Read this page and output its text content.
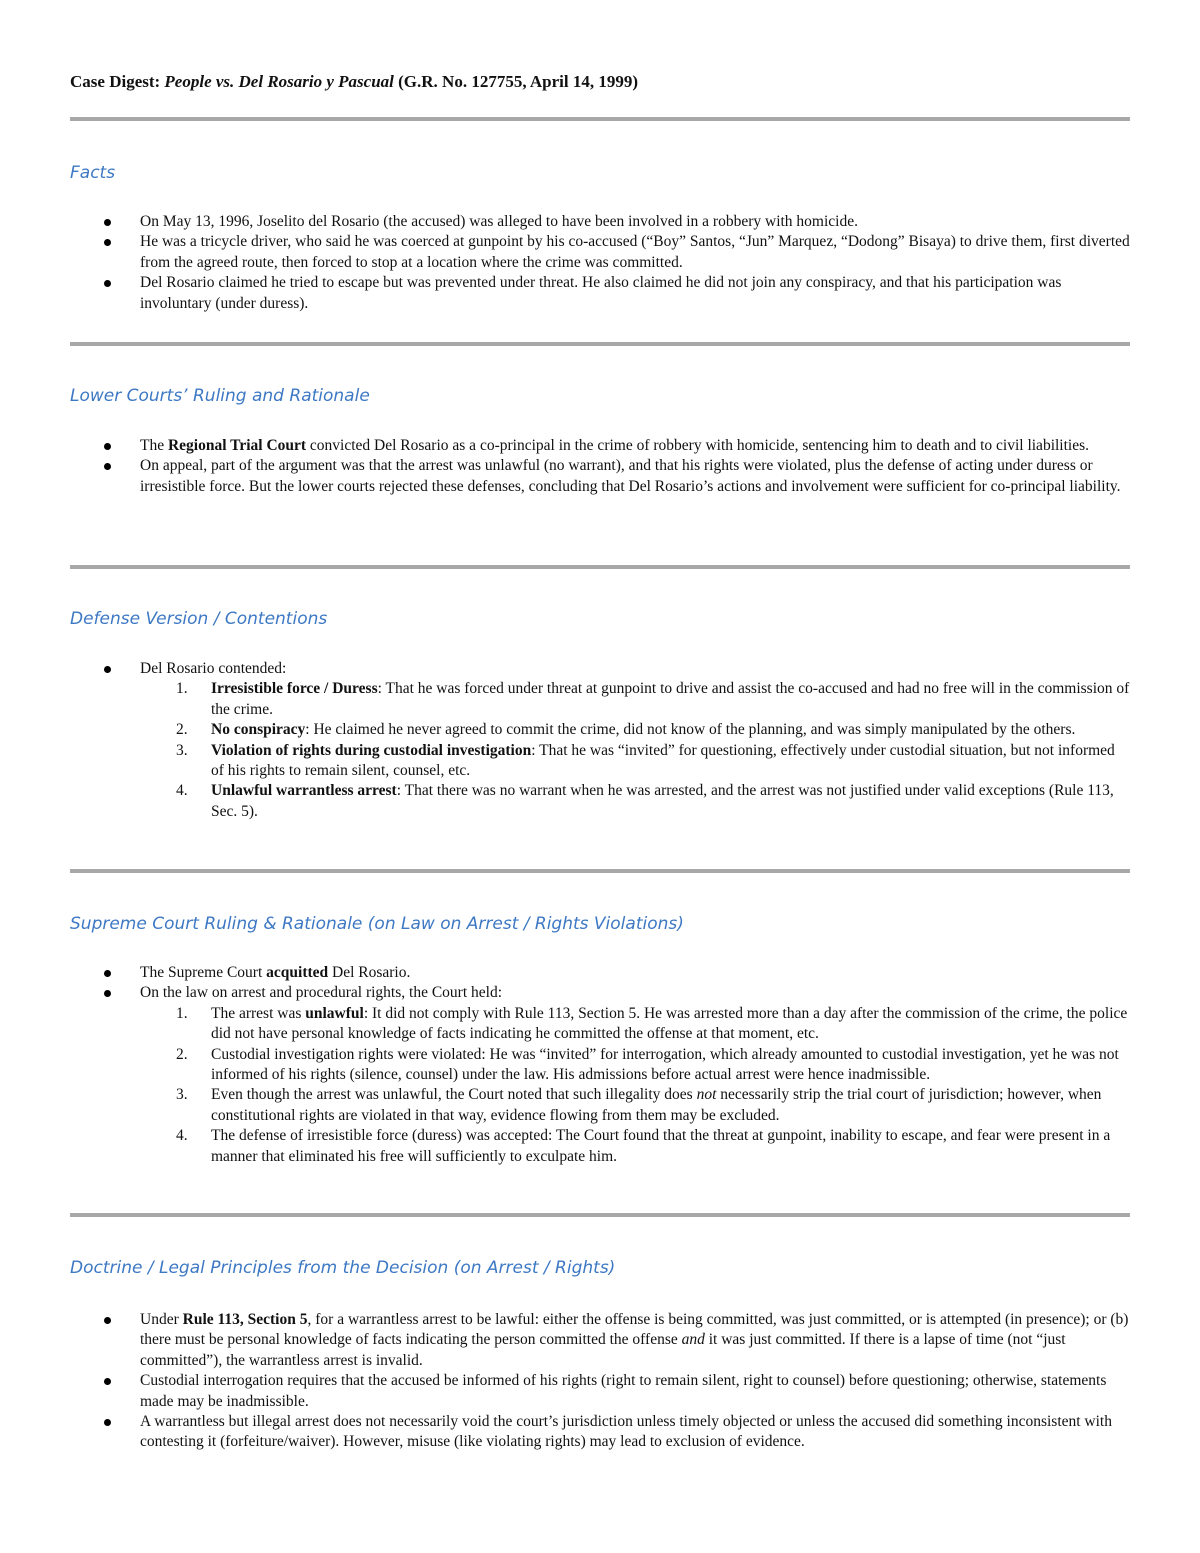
Case Digest: People vs. Del Rosario y Pascual (G.R. No. 127755, April 14, 1999)
Facts
On May 13, 1996, Joselito del Rosario (the accused) was alleged to have been involved in a robbery with homicide.
He was a tricycle driver, who said he was coerced at gunpoint by his co-accused (“Boy” Santos, “Jun” Marquez, “Dodong” Bisaya) to drive them, first diverted from the agreed route, then forced to stop at a location where the crime was committed.
Del Rosario claimed he tried to escape but was prevented under threat. He also claimed he did not join any conspiracy, and that his participation was involuntary (under duress).
Lower Courts’ Ruling and Rationale
The Regional Trial Court convicted Del Rosario as a co-principal in the crime of robbery with homicide, sentencing him to death and to civil liabilities.
On appeal, part of the argument was that the arrest was unlawful (no warrant), and that his rights were violated, plus the defense of acting under duress or irresistible force. But the lower courts rejected these defenses, concluding that Del Rosario’s actions and involvement were sufficient for co-principal liability.
Defense Version / Contentions
Del Rosario contended:
1. Irresistible force / Duress: That he was forced under threat at gunpoint to drive and assist the co-accused and had no free will in the commission of the crime.
2. No conspiracy: He claimed he never agreed to commit the crime, did not know of the planning, and was simply manipulated by the others.
3. Violation of rights during custodial investigation: That he was “invited” for questioning, effectively under custodial situation, but not informed of his rights to remain silent, counsel, etc.
4. Unlawful warrantless arrest: That there was no warrant when he was arrested, and the arrest was not justified under valid exceptions (Rule 113, Sec. 5).
Supreme Court Ruling & Rationale (on Law on Arrest / Rights Violations)
The Supreme Court acquitted Del Rosario.
On the law on arrest and procedural rights, the Court held:
1. The arrest was unlawful: It did not comply with Rule 113, Section 5. He was arrested more than a day after the commission of the crime, the police did not have personal knowledge of facts indicating he committed the offense at that moment, etc.
2. Custodial investigation rights were violated: He was “invited” for interrogation, which already amounted to custodial investigation, yet he was not informed of his rights (silence, counsel) under the law. His admissions before actual arrest were hence inadmissible.
3. Even though the arrest was unlawful, the Court noted that such illegality does not necessarily strip the trial court of jurisdiction; however, when constitutional rights are violated in that way, evidence flowing from them may be excluded.
4. The defense of irresistible force (duress) was accepted: The Court found that the threat at gunpoint, inability to escape, and fear were present in a manner that eliminated his free will sufficiently to exculpate him.
Doctrine / Legal Principles from the Decision (on Arrest / Rights)
Under Rule 113, Section 5, for a warrantless arrest to be lawful: either the offense is being committed, was just committed, or is attempted (in presence); or (b) there must be personal knowledge of facts indicating the person committed the offense and it was just committed. If there is a lapse of time (not “just committed”), the warrantless arrest is invalid.
Custodial interrogation requires that the accused be informed of his rights (right to remain silent, right to counsel) before questioning; otherwise, statements made may be inadmissible.
A warrantless but illegal arrest does not necessarily void the court’s jurisdiction unless timely objected or unless the accused did something inconsistent with contesting it (forfeiture/waiver). However, misuse (like violating rights) may lead to exclusion of evidence.
